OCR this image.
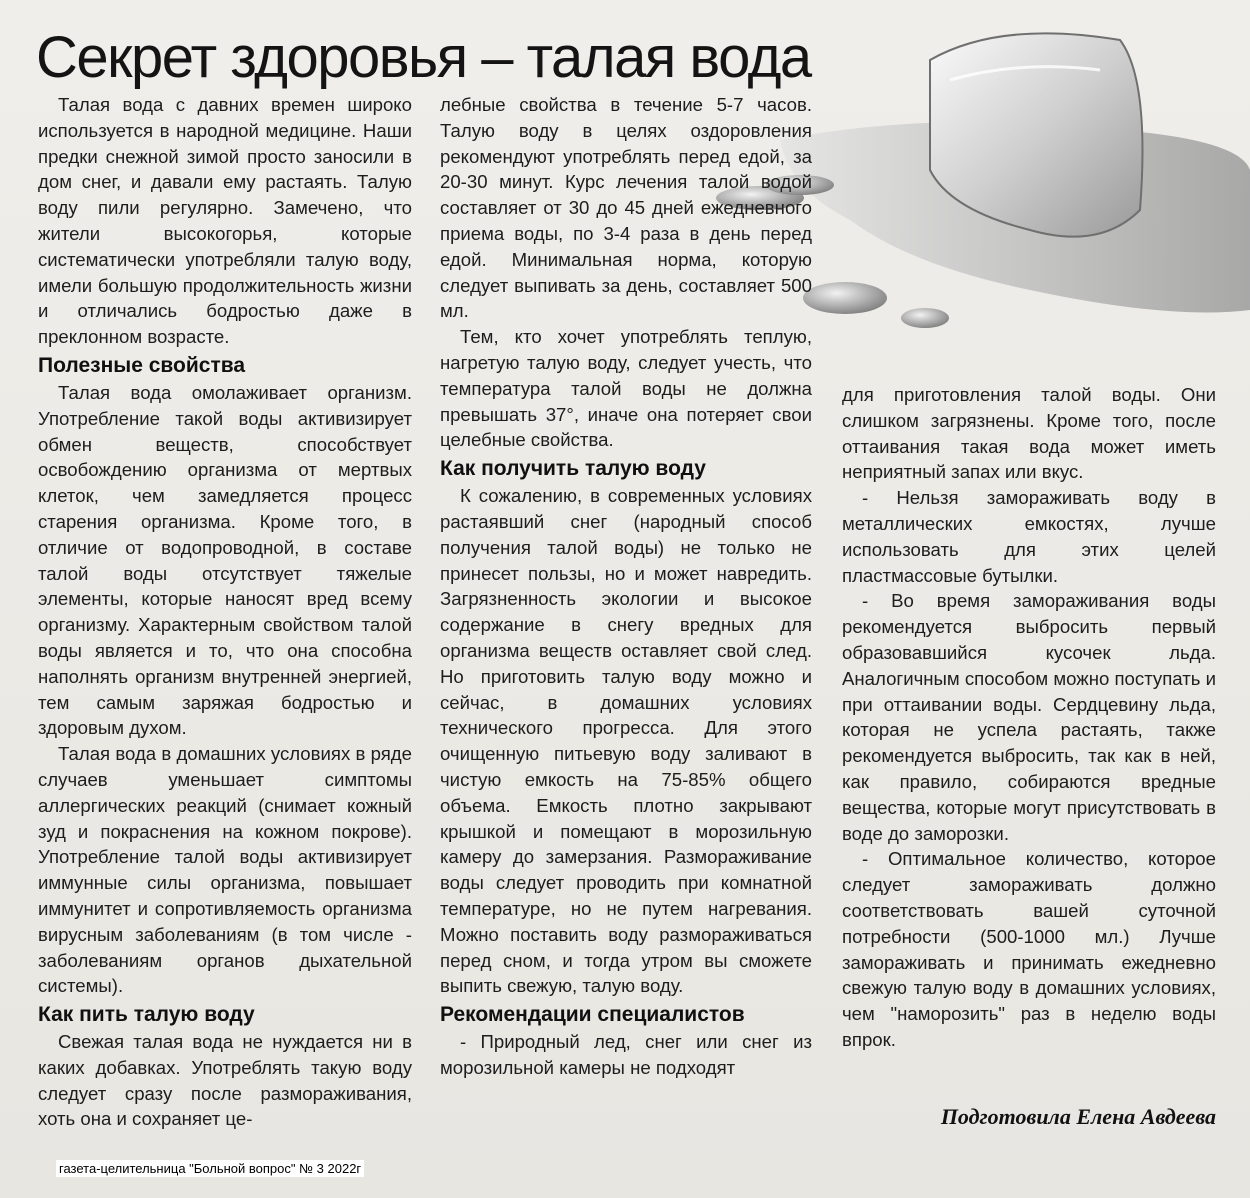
Секрет здоровья – талая вода

Талая вода с давних времен широко используется в народной медицине. Наши предки снежной зимой просто заносили в дом снег, и давали ему растаять. Талую воду пили регулярно. Замечено, что жители высокогорья, которые систематически употребляли талую воду, имели большую продолжительность жизни и отличались бодростью даже в преклонном возрасте.

Полезные свойства

Талая вода омолаживает организм. Употребление такой воды активизирует обмен веществ, способствует освобождению организма от мертвых клеток, чем замедляется процесс старения организма. Кроме того, в отличие от водопроводной, в составе талой воды отсутствует тяжелые элементы, которые наносят вред всему организму. Характерным свойством талой воды является и то, что она способна наполнять организм внутренней энергией, тем самым заряжая бодростью и здоровым духом.

Талая вода в домашних условиях в ряде случаев уменьшает симптомы аллергических реакций (снимает кожный зуд и покраснения на кожном покрове). Употребление талой воды активизирует иммунные силы организма, повышает иммунитет и сопротивляемость организма вирусным заболеваниям (в том числе - заболеваниям органов дыхательной системы).

Как пить талую воду

Свежая талая вода не нуждается ни в каких добавках. Употреблять такую воду следует сразу после размораживания, хоть она и сохраняет це-

лебные свойства в течение 5-7 часов. Талую воду в целях оздоровления рекомендуют употреблять перед едой, за 20-30 минут. Курс лечения талой водой составляет от 30 до 45 дней ежедневного приема воды, по 3-4 раза в день перед едой. Минимальная норма, которую следует выпивать за день, составляет 500 мл.

Тем, кто хочет употреблять теплую, нагретую талую воду, следует учесть, что температура талой воды не должна превышать 37°, иначе она потеряет свои целебные свойства.

Как получить талую воду

К сожалению, в современных условиях растаявший снег (народный способ получения талой воды) не только не принесет пользы, но и может навредить. Загрязненность экологии и высокое содержание в снегу вредных для организма веществ оставляет свой след. Но приготовить талую воду можно и сейчас, в домашних условиях технического прогресса. Для этого очищенную питьевую воду заливают в чистую емкость на 75-85% общего объема. Емкость плотно закрывают крышкой и помещают в морозильную камеру до замерзания. Размораживание воды следует проводить при комнатной температуре, но не путем нагревания. Можно поставить воду размораживаться перед сном, и тогда утром вы сможете выпить свежую, талую воду.

Рекомендации специалистов

- Природный лед, снег или снег из морозильной камеры не подходят

для приготовления талой воды. Они слишком загрязнены. Кроме того, после оттаивания такая вода может иметь неприятный запах или вкус.

- Нельзя замораживать воду в металлических емкостях, лучше использовать для этих целей пластмассовые бутылки.

- Во время замораживания воды рекомендуется выбросить первый образовавшийся кусочек льда. Аналогичным способом можно поступать и при оттаивании воды. Сердцевину льда, которая не успела растаять, также рекомендуется выбросить, так как в ней, как правило, собираются вредные вещества, которые могут присутствовать в воде до заморозки.

- Оптимальное количество, которое следует замораживать должно соответствовать вашей суточной потребности (500-1000 мл.) Лучше замораживать и принимать ежедневно свежую талую воду в домашних условиях, чем "наморозить" раз в неделю воды впрок.

Подготовила Елена Авдеева
газета-целительница "Больной вопрос" № 3 2022г
